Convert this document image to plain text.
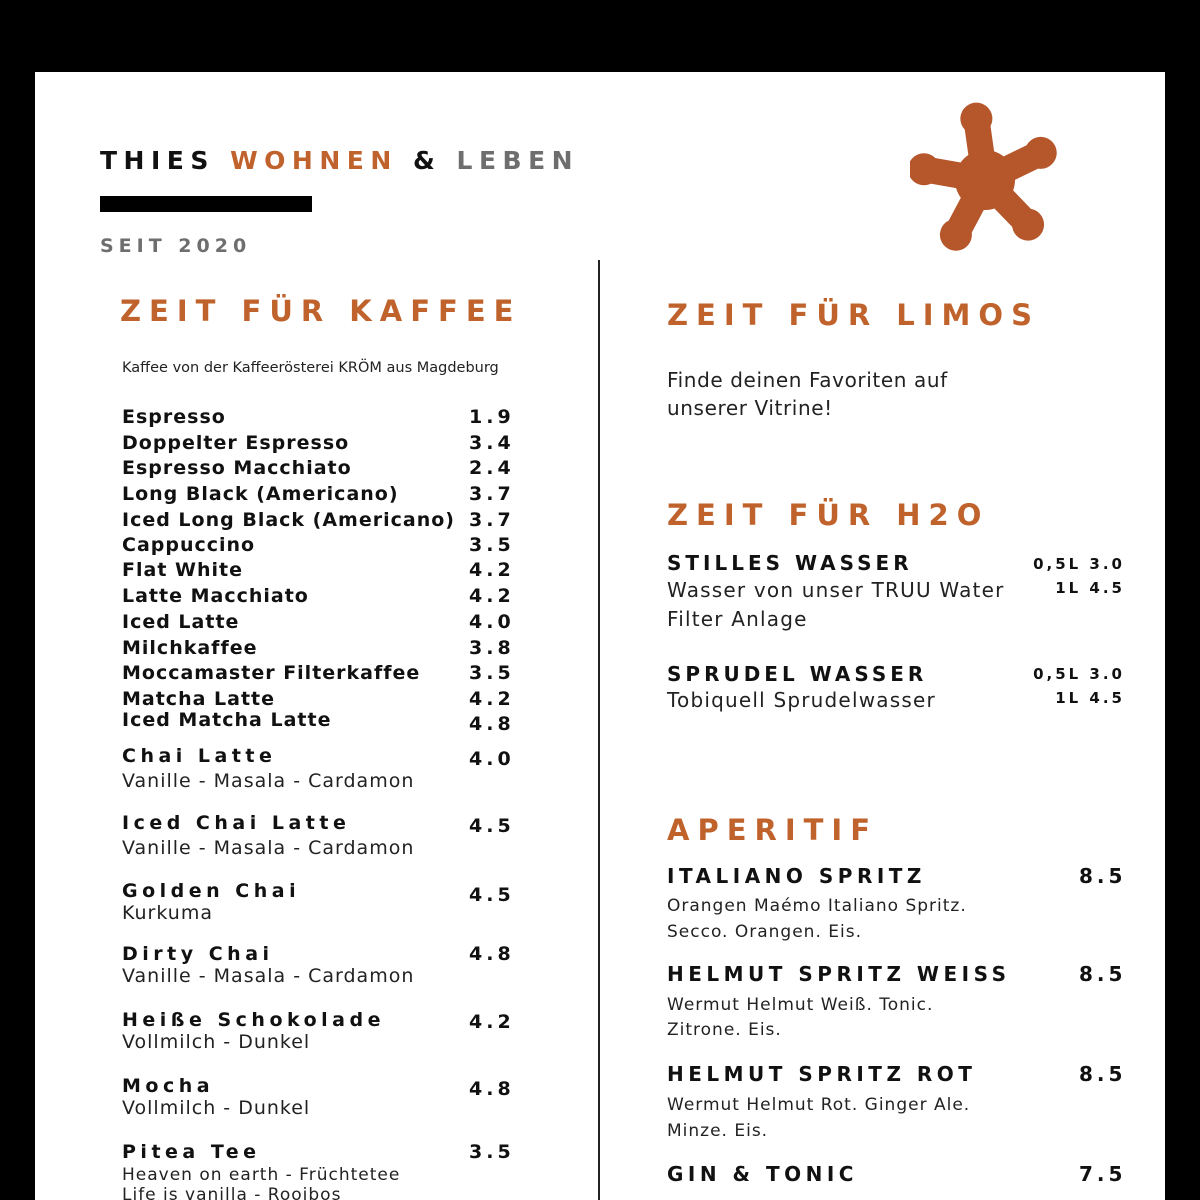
THIES WOHNEN & LEBEN
SEIT 2020
ZEIT FÜR KAFFEE
Kaffee von der Kaffeerösterei KRÖM aus Magdeburg
Espresso	1.9
Doppelter Espresso	3.4
Espresso Macchiato	2.4
Long Black (Americano)	3.7
Iced Long Black (Americano) 3.7
Cappuccino	3.5
Flat White	4.2
Latte Macchiato	4.2
Iced Latte	4.0
Milchkaffee	3.8
Moccamaster Filterkaffee	3.5
Matcha Latte	4.2
Iced Matcha Latte	4.8
Chai Latte	4.0
Vanille - Masala - Cardamon
Iced Chai Latte	4.5
Vanille - Masala - Cardamon
Golden Chai	4.5
Kurkuma
Dirty Chai	4.8
Vanille - Masala - Cardamon
Heiße Schokolade	4.2
Vollmilch - Dunkel
Mocha	4.8
Vollmilch - Dunkel
Pitea Tee	3.5
Heaven on earth - Früchtetee
Life is vanilla - Rooibos
ZEIT FÜR LIMOS
Finde deinen Favoriten auf unserer Vitrine!
ZEIT FÜR H2O
STILLES WASSER
Wasser von unser TRUU Water Filter Anlage
0,5L 3.0
1L 4.5
SPRUDEL WASSER
Tobiquell Sprudelwasser
0,5L 3.0
1L 4.5
APERITIF
ITALIANO SPRITZ	8.5
Orangen Maémo Italiano Spritz.
Secco. Orangen. Eis.
HELMUT SPRITZ WEISS	8.5
Wermut Helmut Weiß. Tonic.
Zitrone. Eis.
HELMUT SPRITZ ROT	8.5
Wermut Helmut Rot. Ginger Ale.
Minze. Eis.
GIN & TONIC	7.5
